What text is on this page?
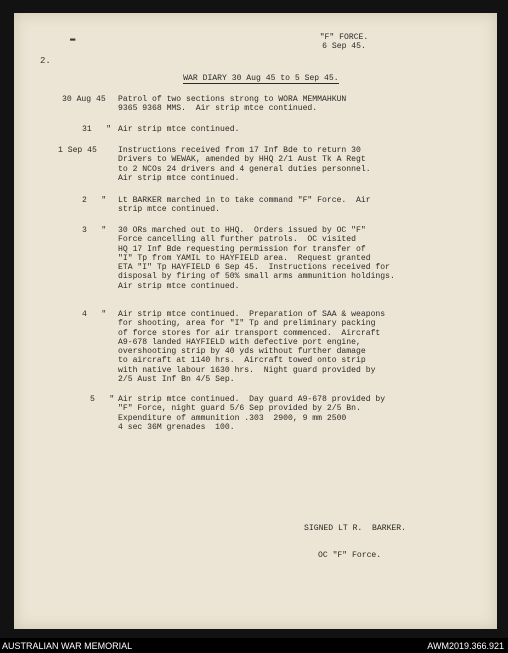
▬
2.
"F" FORCE.
6 Sep 45.

WAR DIARY 30 Aug 45 to 5 Sep 45.

30 Aug 45 Patrol of two sections strong to WORA MEMMAHKUN
9365 9368 MMS.  Air strip mtce continued.
31   " Air strip mtce continued.
1 Sep 45	Instructions received from 17 Inf Bde to return 30
Drivers to WEWAK, amended by HHQ 2/1 Aust Tk A Regt
to 2 NCOs 24 drivers and 4 general duties personnel.
Air strip mtce continued.
2   " Lt BARKER marched in to take command "F" Force.  Air
strip mtce continued.
3   " 30 ORs marched out to HHQ.  Orders issued by OC "F"
Force cancelling all further patrols.  OC visited
HQ 17 Inf Bde requesting permission for transfer of
"I" Tp from YAMIL to HAYFIELD area.  Request granted
ETA "I" Tp HAYFIELD 6 Sep 45.  Instructions received for
disposal by firing of 50% small arms ammunition holdings.
Air strip mtce continued.
4   " Air strip mtce continued.  Preparation of SAA & weapons
for shooting, area for "I" Tp and preliminary packing
of force stores for air transport commenced.  Aircraft
A9-678 landed HAYFIELD with defective port engine,
overshooting strip by 40 yds without further damage
to aircraft at 1140 hrs.  Aircraft towed onto strip
with native labour 1630 hrs.  Night guard provided by
2/5 Aust Inf Bn 4/5 Sep.
5   " Air strip mtce continued.  Day guard A9-678 provided by
"F" Force, night guard 5/6 Sep provided by 2/5 Bn.
Expenditure of ammunition .303  2900, 9 mm 2500
4 sec 36M grenades  100.

SIGNED LT R.  BARKER.

OC "F" Force.

AUSTRALIAN WAR MEMORIAL	AWM2019.366.921
